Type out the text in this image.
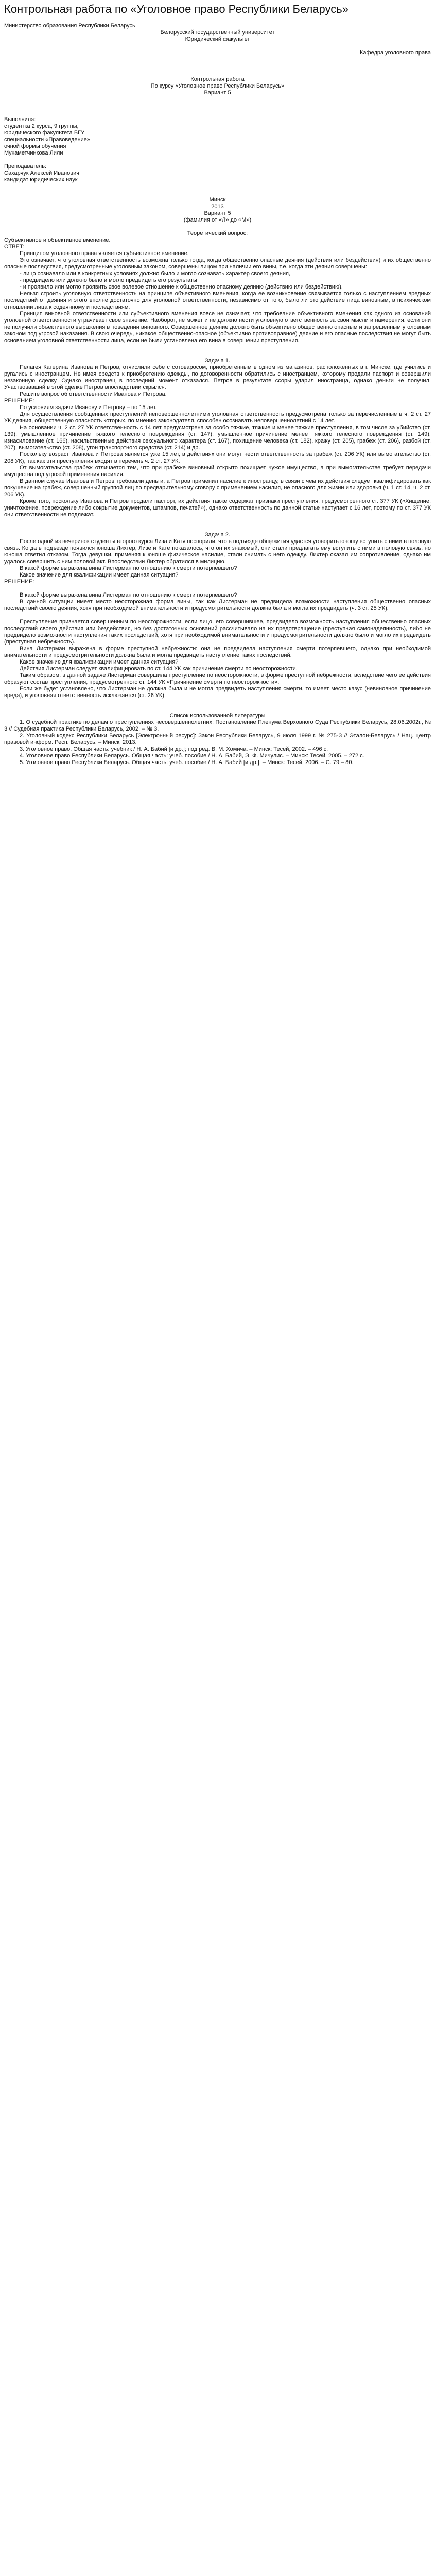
Контрольная работа по «Уголовное право Республики Беларусь»

Министерство образования Республики Беларусь

Белорусский государственный университет

Юридический факультет

Кафедра уголовного права

Контрольная работа

По курсу «Уголовное право Республики Беларусь»

Вариант 5

Выполнила:

студентка 2 курса, 9 группы,

юридического факультета БГУ

специальности «Правоведение»

очной формы обучения

Мухаметчинкова Лили

Преподаватель:

Сахарчук Алексей Иванович

кандидат юридических наук

Минск

2013

Вариант 5

(фамилия от «Л» до «М»)

Теоретический вопрос:

Субъективное и объективное вменение.

ОТВЕТ:

Принципом уголовного права является субъективное вменение.

Это означает, что уголовная ответственность возможна только тогда, когда общественно опасные деяния (действия или бездействия) и их общественно опасные последствия, предусмотренные уголовным законом, совершены лицом при наличии его вины, т.е. когда эти деяния совершены:

- лицо сознавало или в конкретных условиях должно было и могло сознавать характер своего деяния,

- предвидело или должно было и могло предвидеть его результаты

- и проявило или могло проявить свое волевое отношение к общественно опасному деянию (действию или бездействию).

Нельзя строить уголовную ответственность на принципе объективного вменения, когда ее возникновение связывается только с наступлением вредных последствий от деяния и этого вполне достаточно для уголовной ответственности, независимо от того, было ли это действие лица виновным, в психическом отношении лица к содеянному и последствиям.

Принцип виновной ответственности или субъективного вменения вовсе не означает, что требование объективного вменения как одного из оснований уголовной ответственности утрачивает свое значение. Наоборот, не может и не должно нести уголовную ответственность за свои мысли и намерения, если они не получили объективного выражения в поведении виновного. Совершенное деяние должно быть объективно общественно опасным и запрещенным уголовным законом под угрозой наказания. В свою очередь, никакое общественно-опасное (объективно противоправное) деяние и его опасные последствия не могут быть основанием уголовной ответственности лица, если не были установлена его вина в совершении преступления.

Задача 1.

Пелагея Катерина Иванова и Петров, отчислили себе с сотоваросом, приобретенным в одном из магазинов, расположенных в г. Минске, где учились и ругались с иностранцем. Не имея средств к приобретению одежды, по договоренности обратились с иностранцем, которому продали паспорт и совершили незаконную сделку. Однако иностранец в последний момент отказался. Петров в результате ссоры ударил иностранца, однако деньги не получил. Участвовавший в этой сделке Петров впоследствии скрылся.

Решите вопрос об ответственности Иванова и Петрова.

РЕШЕНИЕ:

По условиям задачи Иванову и Петрову – по 15 лет.

Для осуществления сообщенных преступлений неповершеннолетними уголовная ответственность предусмотрена только за перечисленные в ч. 2 ст. 27 УК деяния, общественную опасность которых, по мнению законодателя, способен осознавать неповершеннолетний с 14 лет.

На основании ч. 2 ст. 27 УК ответственность с 14 лет предусмотрена за особо тяжкие, тяжкие и менее тяжкие преступления, в том числе за убийство (ст. 139), умышленное причинение тяжкого телесного повреждения (ст. 147), умышленное причинение менее тяжкого телесного повреждения (ст. 149), изнасилование (ст. 166), насильственные действия сексуального характера (ст. 167), похищение человека (ст. 182), кражу (ст. 205), грабеж (ст. 206), разбой (ст. 207), вымогательство (ст. 208), угон транспортного средства (ст. 214) и др.

Поскольку возраст Иванова и Петрова является уже 15 лет, в действиях они могут нести ответственность за грабеж (ст. 206 УК) или вымогательство (ст. 208 УК), так как эти преступления входят в перечень ч. 2 ст. 27 УК.

От вымогательства грабеж отличается тем, что при грабеже виновный открыто похищает чужое имущество, а при вымогательстве требует передачи имущества под угрозой применения насилия.

В данном случае Иванова и Петров требовали деньги, а Петров применил насилие к иностранцу, в связи с чем их действия следует квалифицировать как покушение на грабеж, совершенный группой лиц по предварительному сговору с применением насилия, не опасного для жизни или здоровья (ч. 1 ст. 14, ч. 2 ст. 206 УК).

Кроме того, поскольку Иванова и Петров продали паспорт, их действия также содержат признаки преступления, предусмотренного ст. 377 УК («Хищение, уничтожение, повреждение либо сокрытие документов, штампов, печатей»), однако ответственность по данной статье наступает с 16 лет, поэтому по ст. 377 УК они ответственности не подлежат.

Задача 2.

После одной из вечеринок студенты второго курса Лиза и Катя поспорили, что в подъезде общежития удастся уговорить юношу вступить с ними в половую связь. Когда в подъезде появился юноша Лихтер, Лизе и Кате показалось, что он их знакомый, они стали предлагать ему вступить с ними в половую связь, но юноша ответил отказом. Тогда девушки, применяя к юноше физическое насилие, стали снимать с него одежду. Лихтер оказал им сопротивление, однако им удалось совершить с ним половой акт. Впоследствии Лихтер обратился в милицию.

В какой форме выражена вина Листерман по отношению к смерти потерпевшего?

Какое значение для квалификации имеет данная ситуация?

РЕШЕНИЕ:

В какой форме выражена вина Листерман по отношению к смерти потерпевшего?

В данной ситуации имеет место неосторожная форма вины, так как Листерман не предвидела возможности наступления общественно опасных последствий своего деяния, хотя при необходимой внимательности и предусмотрительности должна была и могла их предвидеть (ч. 3 ст. 25 УК).

Преступление признается совершенным по неосторожности, если лицо, его совершившее, предвидело возможность наступления общественно опасных последствий своего действия или бездействия, но без достаточных оснований рассчитывало на их предотвращение (преступная самонадеянность), либо не предвидело возможности наступления таких последствий, хотя при необходимой внимательности и предусмотрительности должно было и могло их предвидеть (преступная небрежность).

Вина Листерман выражена в форме преступной небрежности: она не предвидела наступления смерти потерпевшего, однако при необходимой внимательности и предусмотрительности должна была и могла предвидеть наступление таких последствий.

Какое значение для квалификации имеет данная ситуация?

Действия Листерман следует квалифицировать по ст. 144 УК как причинение смерти по неосторожности.

Таким образом, в данной задаче Листерман совершила преступление по неосторожности, в форме преступной небрежности, вследствие чего ее действия образуют состав преступления, предусмотренного ст. 144 УК «Причинение смерти по неосторожности».

Если же будет установлено, что Листерман не должна была и не могла предвидеть наступления смерти, то имеет место казус (невиновное причинение вреда), и уголовная ответственность исключается (ст. 26 УК).

Список использованной литературы

1. О судебной практике по делам о преступлениях несовершеннолетних: Постановление Пленума Верховного Суда Республики Беларусь, 28.06.2002г., № 3 // Судебная практика Республики Беларусь, 2002. – № 3.

2. Уголовный кодекс Республики Беларусь [Электронный ресурс]: Закон Республики Беларусь, 9 июля 1999 г. № 275-З // Эталон-Беларусь / Нац. центр правовой информ. Респ. Беларусь. – Минск, 2013.

3. Уголовное право. Общая часть: учебник / Н. А. Бабий [и др.]; под ред. В. М. Хомича. – Минск: Тесей, 2002. – 496 с.

4. Уголовное право Республики Беларусь. Общая часть: учеб. пособие / Н. А. Бабий, Э. Ф. Мичулис. – Минск: Тесей, 2005. – 272 с.

5. Уголовное право Республики Беларусь. Общая часть: учеб. пособие / Н. А. Бабий [и др.]. – Минск: Тесей, 2006. – С. 79 – 80.
